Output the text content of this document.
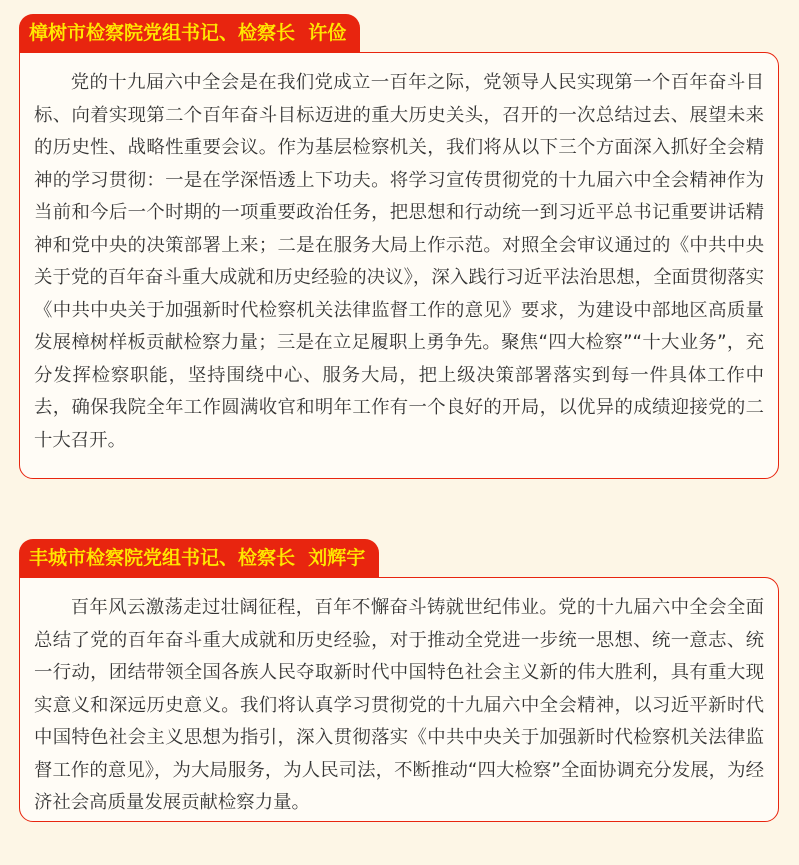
樟树市检察院党组书记、检察长  许俭

党的十九届六中全会是在我们党成立一百年之际，党领导人民实现第一个百年奋斗目标、向着实现第二个百年奋斗目标迈进的重大历史关头，召开的一次总结过去、展望未来的历史性、战略性重要会议。作为基层检察机关，我们将从以下三个方面深入抓好全会精神的学习贯彻：一是在学深悟透上下功夫。将学习宣传贯彻党的十九届六中全会精神作为当前和今后一个时期的一项重要政治任务，把思想和行动统一到习近平总书记重要讲话精神和党中央的决策部署上来；二是在服务大局上作示范。对照全会审议通过的《中共中央关于党的百年奋斗重大成就和历史经验的决议》，深入践行习近平法治思想，全面贯彻落实《中共中央关于加强新时代检察机关法律监督工作的意见》要求，为建设中部地区高质量发展樟树样板贡献检察力量；三是在立足履职上勇争先。聚焦“四大检察”“十大业务”，充分发挥检察职能，坚持围绕中心、服务大局，把上级决策部署落实到每一件具体工作中去，确保我院全年工作圆满收官和明年工作有一个良好的开局，以优异的成绩迎接党的二十大召开。

丰城市检察院党组书记、检察长  刘辉宇

百年风云激荡走过壮阔征程，百年不懈奋斗铸就世纪伟业。党的十九届六中全会全面总结了党的百年奋斗重大成就和历史经验，对于推动全党进一步统一思想、统一意志、统一行动，团结带领全国各族人民夺取新时代中国特色社会主义新的伟大胜利，具有重大现实意义和深远历史意义。我们将认真学习贯彻党的十九届六中全会精神，以习近平新时代中国特色社会主义思想为指引，深入贯彻落实《中共中央关于加强新时代检察机关法律监督工作的意见》，为大局服务，为人民司法，不断推动“四大检察”全面协调充分发展，为经济社会高质量发展贡献检察力量。
